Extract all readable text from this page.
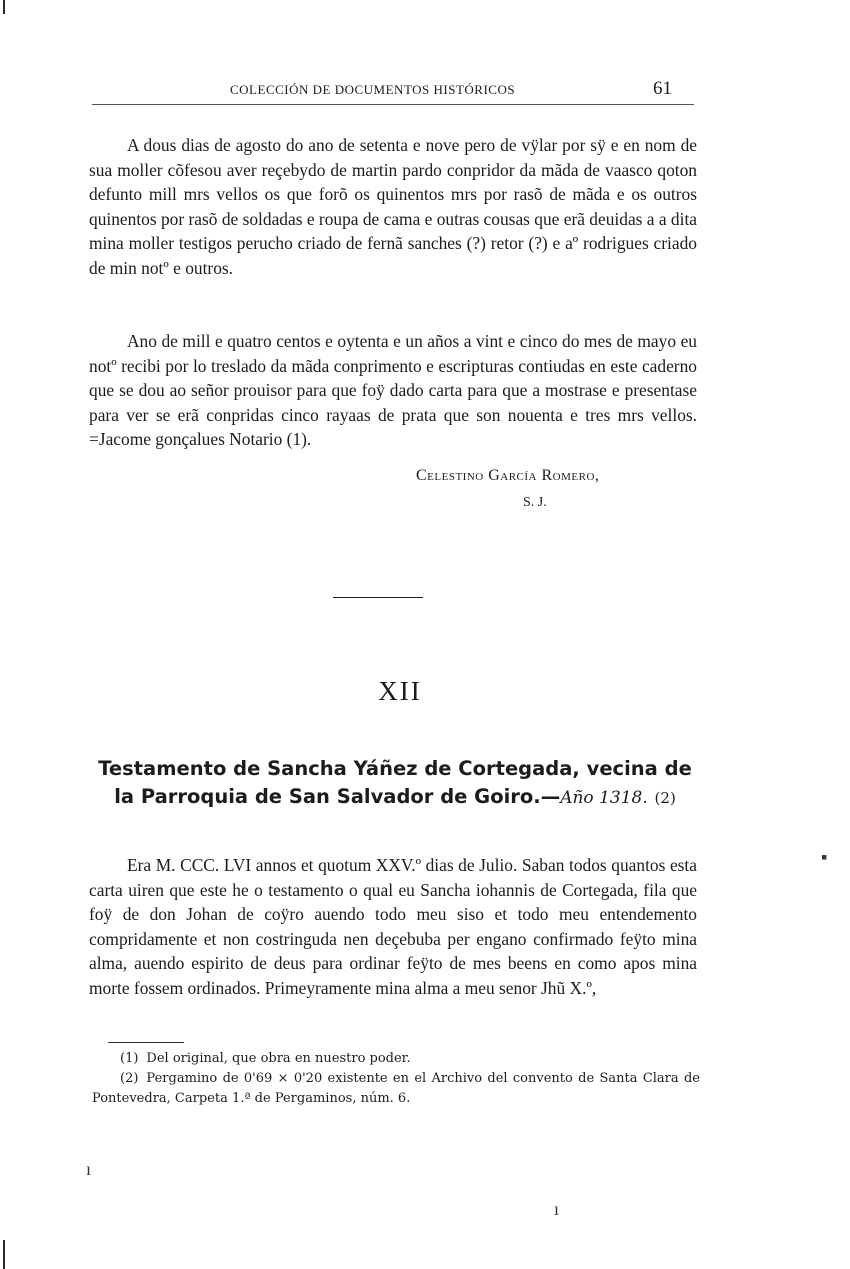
COLECCIÓN DE DOCUMENTOS HISTÓRICOS	61

A dous dias de agosto do ano de setenta e nove pero de vÿlar por sÿ e en nom de sua moller cõfesou aver reçebydo de martin pardo conpridor da mãda de vaasco qoton defunto mill mrs vellos os que forõ os quinentos mrs por rasõ de mãda e os outros quinentos por rasõ de soldadas e roupa de cama e outras cousas que erã deuidas a a dita mina moller testigos perucho criado de fernã sanches (?) retor (?) e aº rodrigues criado de min notº e outros.

Ano de mill e quatro centos e oytenta e un años a vint e cinco do mes de mayo eu notº recibi por lo treslado da mãda conprimento e escripturas contiudas en este caderno que se dou ao señor prouisor para que foÿ dado carta para que a mostrase e presentase para ver se erã conpridas cinco rayaas de prata que son nouenta e tres mrs vellos. =Jacome gonçalues Notario (1).

Celestino García Romero,
S. J.
XII
Testamento de Sancha Yáñez de Cortegada, vecina de la Parroquia de San Salvador de Goiro.—Año 1318. (2)

Era M. CCC. LVI annos et quotum XXV.º dias de Julio. Saban todos quantos esta carta uiren que este he o testamento o qual eu Sancha iohannis de Cortegada, fila que foÿ de don Johan de coÿro auendo todo meu siso et todo meu entendemento compridamente et non costringuda nen deçebuba per engano confirmado feÿto mina alma, auendo espirito de deus para ordinar feÿto de mes beens en como apos mina morte fossem ordinados. Primeyramente mina alma a meu senor Jhũ X.º,

(1) Del original, que obra en nuestro poder.

(2) Pergamino de 0'69 × 0'20 existente en el Archivo del convento de Santa Clara de Pontevedra, Carpeta 1.ª de Pergaminos, núm. 6.

▪
ı
ı
